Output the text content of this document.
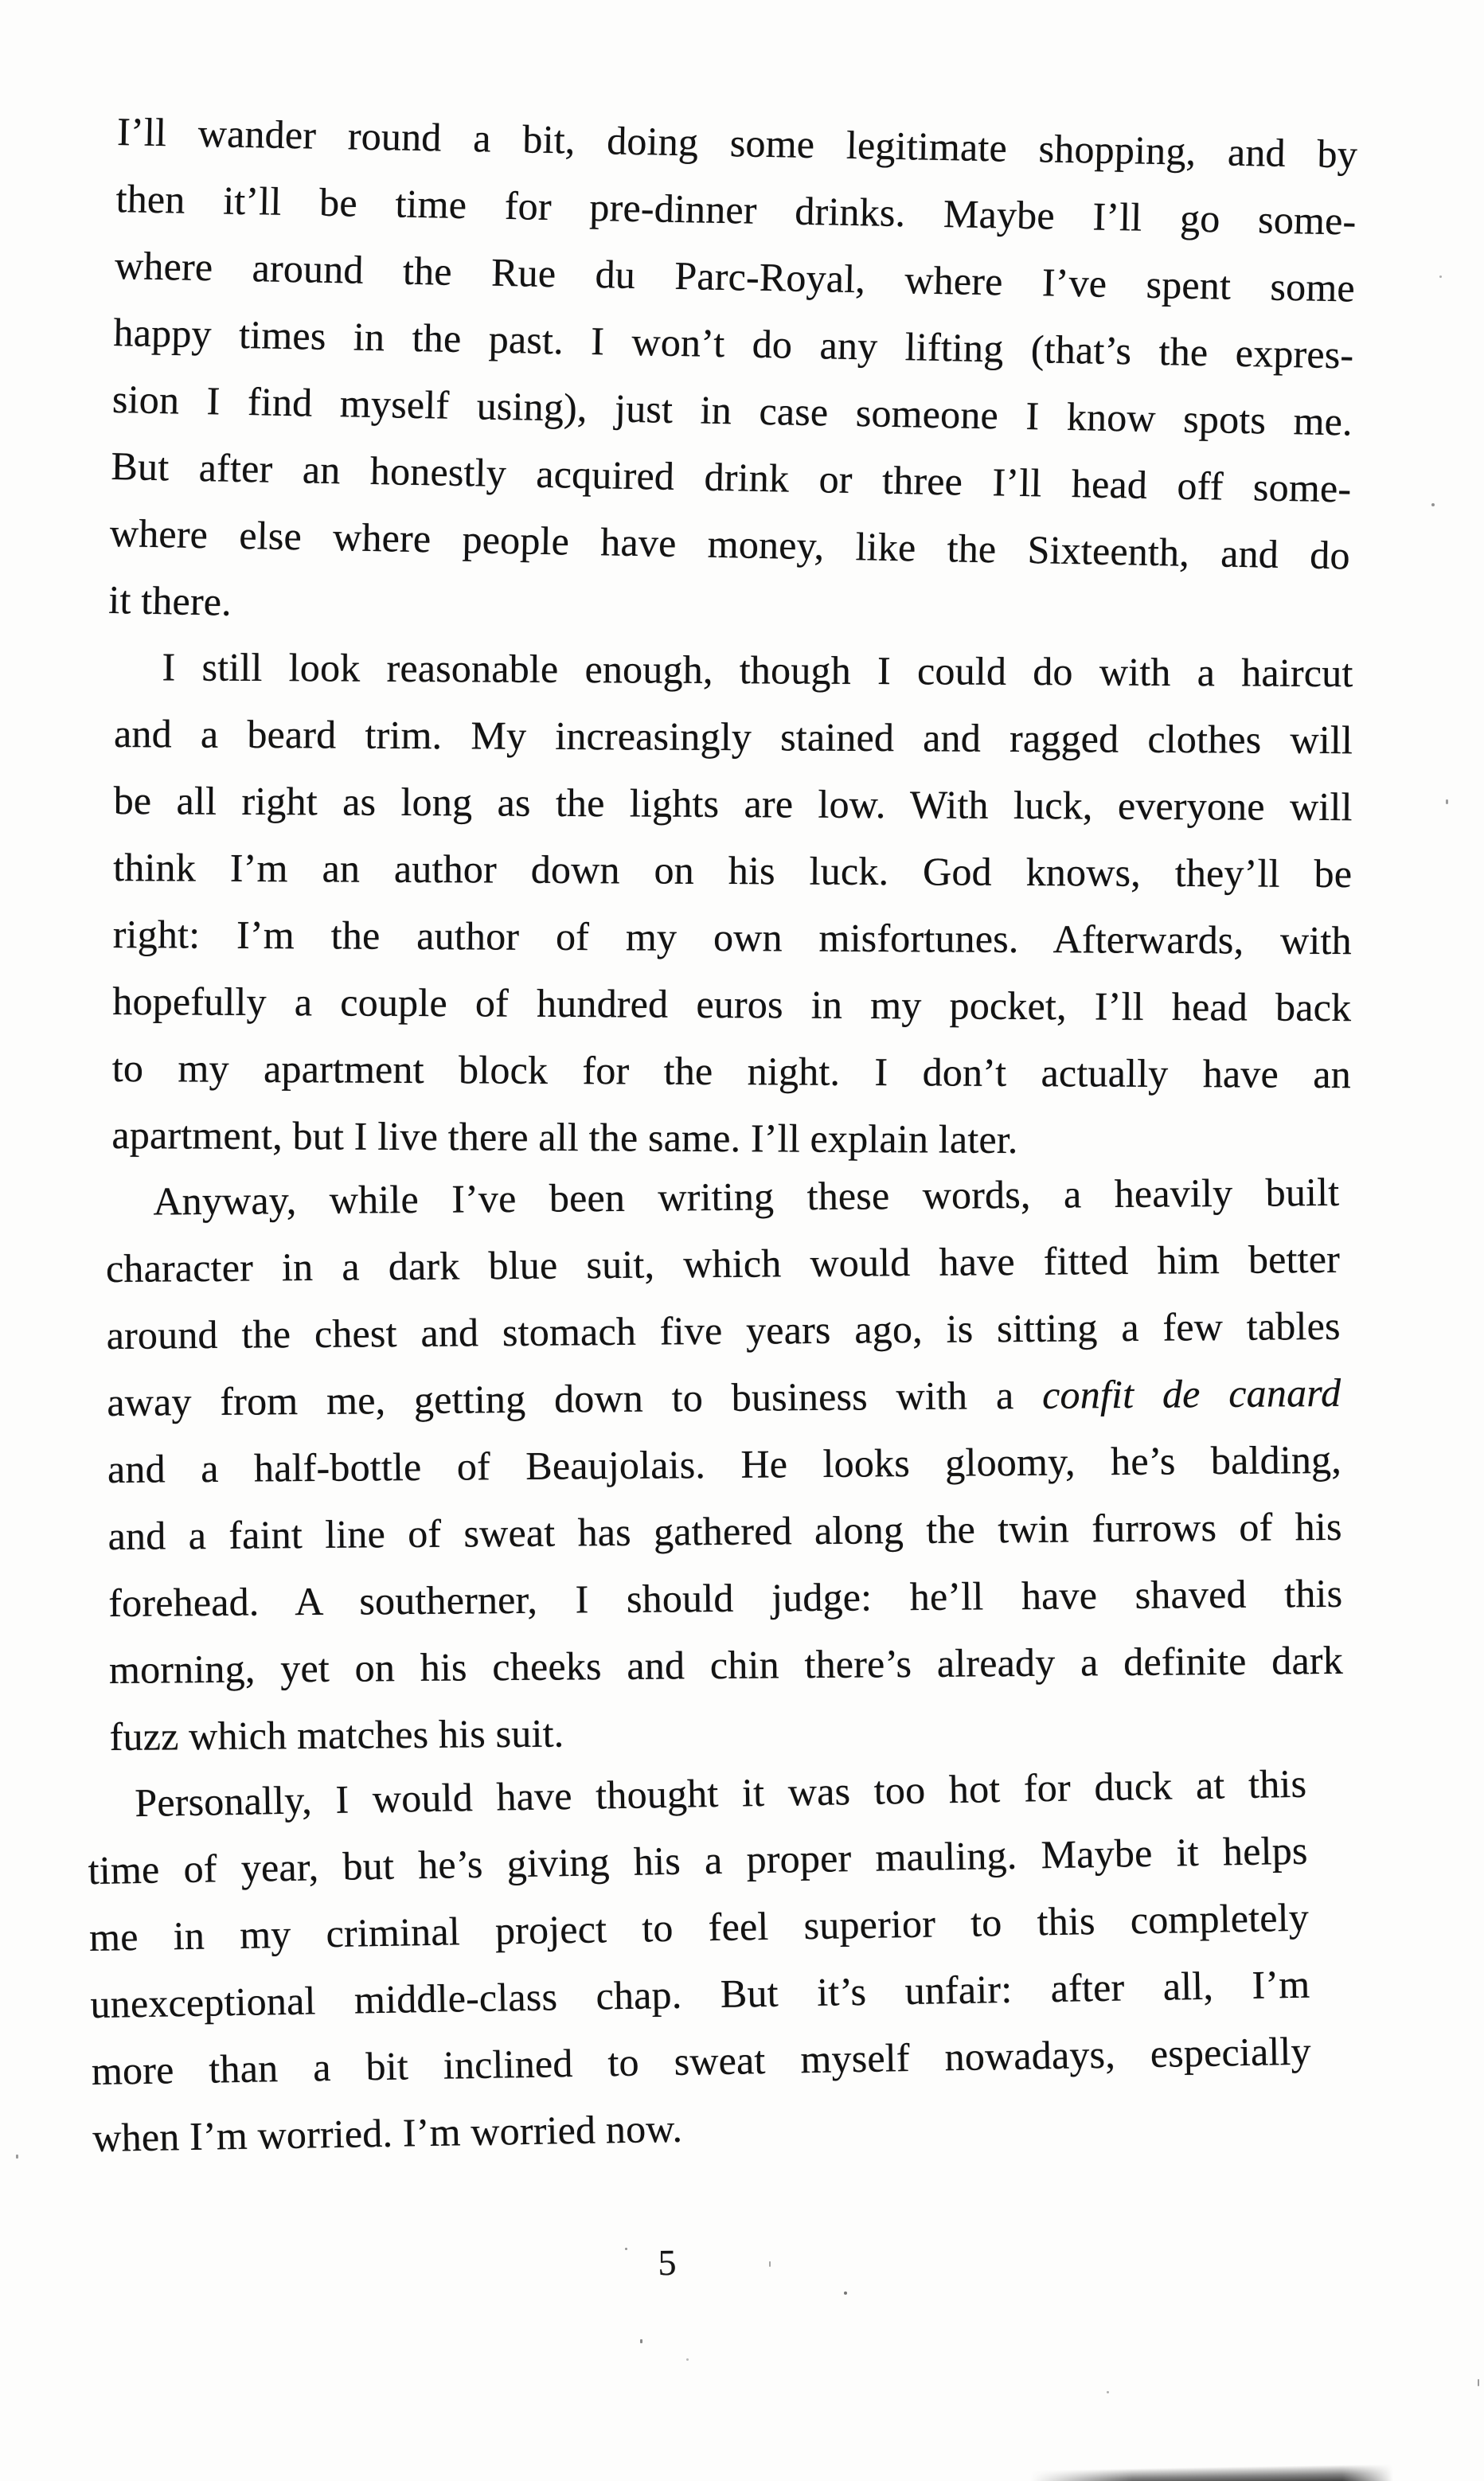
I’ll wander round a bit, doing some legitimate shopping, and by
then it’ll be time for pre-dinner drinks. Maybe I’ll go some-
where around the Rue du Parc-Royal, where I’ve spent some
happy times in the past. I won’t do any lifting (that’s the expres-
sion I find myself using), just in case someone I know spots me.
But after an honestly acquired drink or three I’ll head off some-
where else where people have money, like the Sixteenth, and do
it there.
I still look reasonable enough, though I could do with a haircut
and a beard trim. My increasingly stained and ragged clothes will
be all right as long as the lights are low. With luck, everyone will
think I’m an author down on his luck. God knows, they’ll be
right: I’m the author of my own misfortunes. Afterwards, with
hopefully a couple of hundred euros in my pocket, I’ll head back
to my apartment block for the night. I don’t actually have an
apartment, but I live there all the same. I’ll explain later.
Anyway, while I’ve been writing these words, a heavily built
character in a dark blue suit, which would have fitted him better
around the chest and stomach five years ago, is sitting a few tables
away from me, getting down to business with a confit de canard
and a half-bottle of Beaujolais. He looks gloomy, he’s balding,
and a faint line of sweat has gathered along the twin furrows of his
forehead. A southerner, I should judge: he’ll have shaved this
morning, yet on his cheeks and chin there’s already a definite dark
fuzz which matches his suit.
Personally, I would have thought it was too hot for duck at this
time of year, but he’s giving his a proper mauling. Maybe it helps
me in my criminal project to feel superior to this completely
unexceptional middle-class chap. But it’s unfair: after all, I’m
more than a bit inclined to sweat myself nowadays, especially
when I’m worried. I’m worried now.
5
